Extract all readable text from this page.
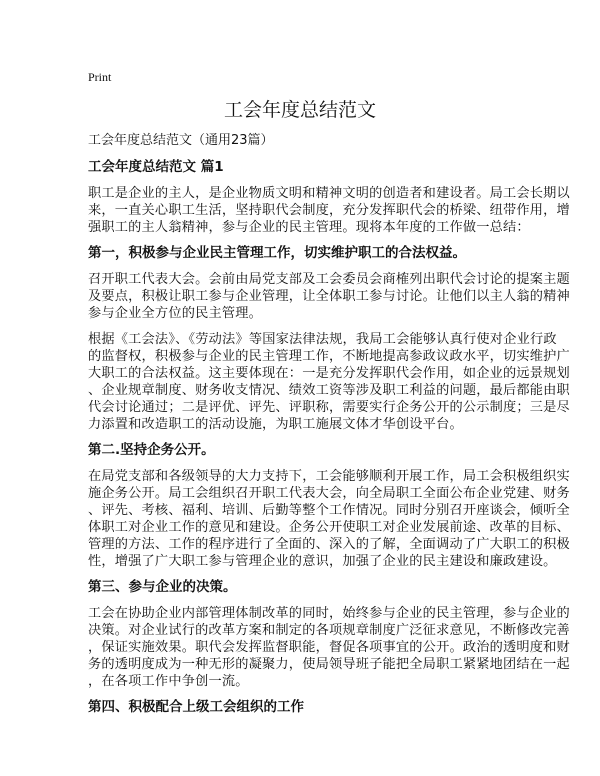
Print
工会年度总结范文
工会年度总结范文（通用23篇）
工会年度总结范文 篇1
职工是企业的主人，是企业物质文明和精神文明的创造者和建设者。局工会长期以
来，一直关心职工生活，坚持职代会制度，充分发挥职代会的桥梁、纽带作用，增
强职工的主人翁精神，参与企业的民主管理。现将本年度的工作做一总结：
第一，积极参与企业民主管理工作，切实维护职工的合法权益。
召开职工代表大会。会前由局党支部及工会委员会商榷列出职代会讨论的提案主题
及要点，积极让职工参与企业管理，让全体职工参与讨论。让他们以主人翁的精神
参与企业全方位的民主管理。
根据《工会法》、《劳动法》等国家法律法规，我局工会能够认真行使对企业行政
的监督权，积极参与企业的民主管理工作，不断地提高参政议政水平，切实维护广
大职工的合法权益。这主要体现在：一是充分发挥职代会作用，如企业的远景规划
、企业规章制度、财务收支情况、绩效工资等涉及职工利益的问题，最后都能由职
代会讨论通过；二是评优、评先、评职称，需要实行企务公开的公示制度；三是尽
力添置和改造职工的活动设施，为职工施展文体才华创设平台。
第二.坚持企务公开。
在局党支部和各级领导的大力支持下，工会能够顺利开展工作，局工会积极组织实
施企务公开。局工会组织召开职工代表大会，向全局职工全面公布企业党建、财务
、评先、考核、福利、培训、后勤等整个工作情况。同时分别召开座谈会，倾听全
体职工对企业工作的意见和建设。企务公开使职工对企业发展前途、改革的目标、
管理的方法、工作的程序进行了全面的、深入的了解，全面调动了广大职工的积极
性，增强了广大职工参与管理企业的意识，加强了企业的民主建设和廉政建设。
第三、参与企业的决策。
工会在协助企业内部管理体制改革的同时，始终参与企业的民主管理，参与企业的
决策。对企业试行的改革方案和制定的各项规章制度广泛征求意见，不断修改完善
，保证实施效果。职代会发挥监督职能，督促各项事宜的公开。政治的透明度和财
务的透明度成为一种无形的凝聚力，使局领导班子能把全局职工紧紧地团结在一起
，在各项工作中争创一流。
第四、积极配合上级工会组织的工作
